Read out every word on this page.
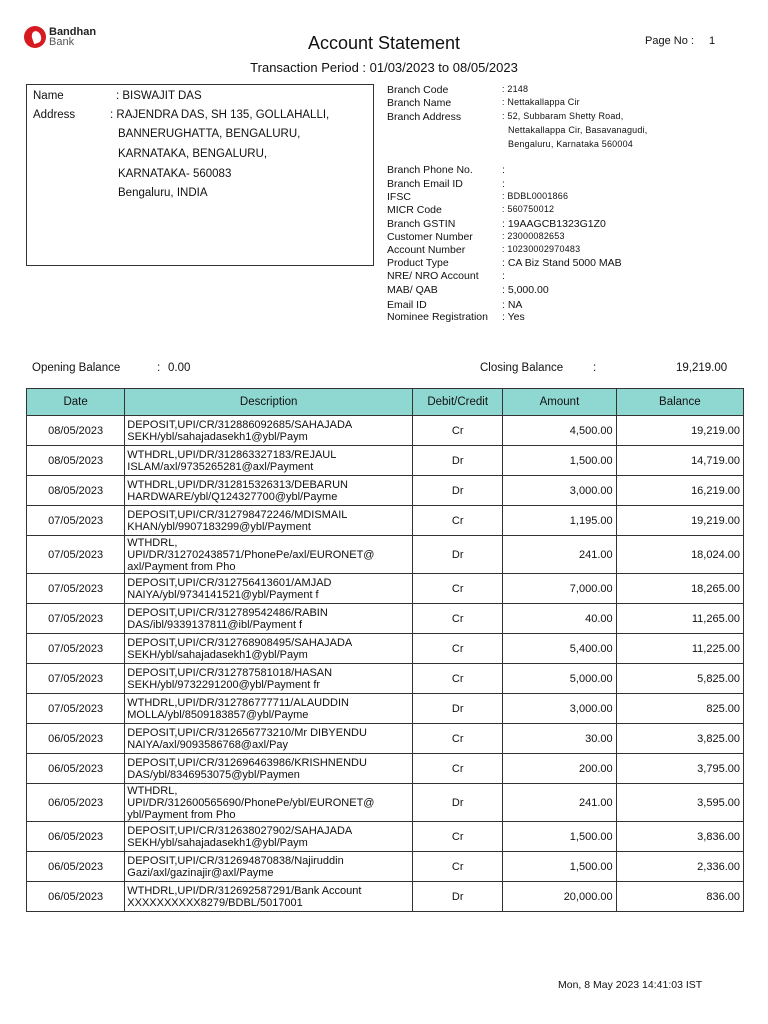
Bandhan
Bank	Account Statement	Page No : 1
Transaction Period : 01/03/2023 to 08/05/2023
Name	: BISWAJIT DAS
Address	: RAJENDRA DAS, SH 135, GOLLAHALLI,
BANNERUGHATTA, BENGALURU,
KARNATAKA, BENGALURU,
KARNATAKA- 560083
Bengaluru, INDIA
Branch Code	: 2148
Branch Name	: Nettakallappa Cir
Branch Address	: 52, Subbaram Shetty Road,
Nettakallappa Cir, Basavanagudi,
Bengaluru, Karnataka 560004
Branch Phone No.	:
Branch Email ID	:
IFSC	: BDBL0001866
MICR Code	: 560750012
Branch GSTIN	: 19AAGCB1323G1Z0
Customer Number	: 23000082653
Account Number	: 10230002970483
Product Type	: CA Biz Stand 5000 MAB
NRE/ NRO Account :
MAB/ QAB	: 5,000.00
Email ID	: NA
Nominee Registration : Yes
Opening Balance	: 0.00	Closing Balance	:	19,219.00
Date	Description	Debit/Credit	Amount	Balance
08/05/2023	DEPOSIT,UPI/CR/312886092685/SAHAJADA
SEKH/ybl/sahajadasekh1@ybl/Paym	Cr	4,500.00	19,219.00
08/05/2023	WTHDRL,UPI/DR/312863327183/REJAUL
ISLAM/axl/9735265281@axl/Payment	Dr	1,500.00	14,719.00
08/05/2023	WTHDRL,UPI/DR/312815326313/DEBARUN
HARDWARE/ybl/Q124327700@ybl/Payme	Dr	3,000.00	16,219.00
07/05/2023	DEPOSIT,UPI/CR/312798472246/MDISMAIL
KHAN/ybl/9907183299@ybl/Payment	Cr	1,195.00	19,219.00
07/05/2023	WTHDRL,
UPI/DR/312702438571/PhonePe/axl/EURONET@
axl/Payment from Pho	Dr	241.00	18,024.00
07/05/2023	DEPOSIT,UPI/CR/312756413601/AMJAD
NAIYA/ybl/9734141521@ybl/Payment f	Cr	7,000.00	18,265.00
07/05/2023	DEPOSIT,UPI/CR/312789542486/RABIN
DAS/ibl/9339137811@ibl/Payment f	Cr	40.00	11,265.00
07/05/2023	DEPOSIT,UPI/CR/312768908495/SAHAJADA
SEKH/ybl/sahajadasekh1@ybl/Paym	Cr	5,400.00	11,225.00
07/05/2023	DEPOSIT,UPI/CR/312787581018/HASAN
SEKH/ybl/9732291200@ybl/Payment fr	Cr	5,000.00	5,825.00
07/05/2023	WTHDRL,UPI/DR/312786777711/ALAUDDIN
MOLLA/ybl/8509183857@ybl/Payme	Dr	3,000.00	825.00
06/05/2023	DEPOSIT,UPI/CR/312656773210/Mr DIBYENDU
NAIYA/axl/9093586768@axl/Pay	Cr	30.00	3,825.00
06/05/2023	DEPOSIT,UPI/CR/312696463986/KRISHNENDU
DAS/ybl/8346953075@ybl/Paymen	Cr	200.00	3,795.00
06/05/2023	WTHDRL,
UPI/DR/312600565690/PhonePe/ybl/EURONET@
ybl/Payment from Pho	Dr	241.00	3,595.00
06/05/2023	DEPOSIT,UPI/CR/312638027902/SAHAJADA
SEKH/ybl/sahajadasekh1@ybl/Paym	Cr	1,500.00	3,836.00
06/05/2023	DEPOSIT,UPI/CR/312694870838/Najiruddin
Gazi/axl/gazinajir@axl/Payme	Cr	1,500.00	2,336.00
06/05/2023	WTHDRL,UPI/DR/312692587291/Bank Account
XXXXXXXXXX8279/BDBL/5017001	Dr	20,000.00	836.00
Mon, 8 May 2023 14:41:03 IST
